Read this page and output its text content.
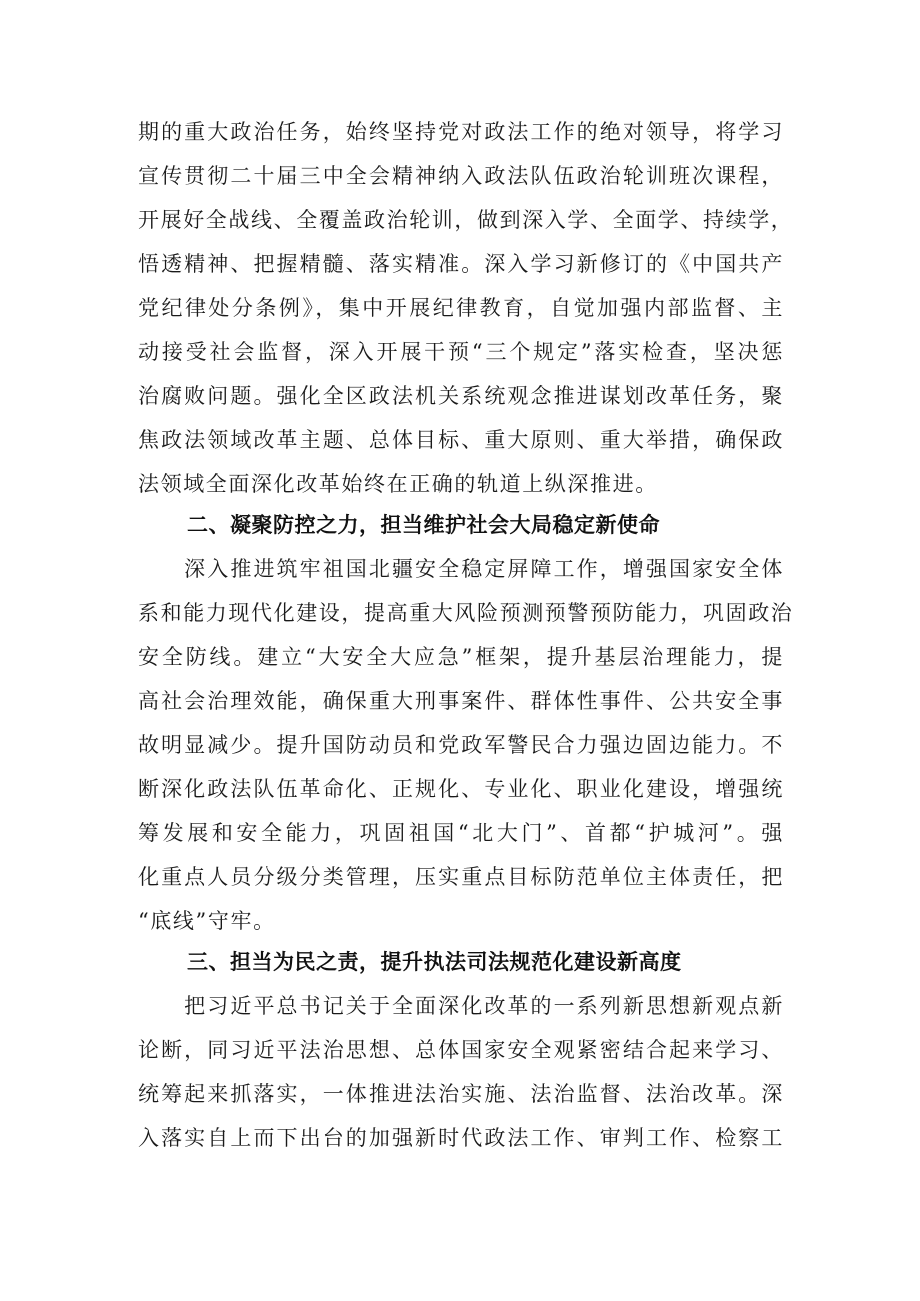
期的重大政治任务，始终坚持党对政法工作的绝对领导，将学习
宣传贯彻二十届三中全会精神纳入政法队伍政治轮训班次课程，
开展好全战线、全覆盖政治轮训，做到深入学、全面学、持续学，
悟透精神、把握精髓、落实精准。深入学习新修订的《中国共产
党纪律处分条例》，集中开展纪律教育，自觉加强内部监督、主
动接受社会监督，深入开展干预“三个规定”落实检查，坚决惩
治腐败问题。强化全区政法机关系统观念推进谋划改革任务，聚
焦政法领域改革主题、总体目标、重大原则、重大举措，确保政
法领域全面深化改革始终在正确的轨道上纵深推进。
二、凝聚防控之力，担当维护社会大局稳定新使命
　　深入推进筑牢祖国北疆安全稳定屏障工作，增强国家安全体
系和能力现代化建设，提高重大风险预测预警预防能力，巩固政治
安全防线。建立“大安全大应急”框架，提升基层治理能力，提
高社会治理效能，确保重大刑事案件、群体性事件、公共安全事
故明显减少。提升国防动员和党政军警民合力强边固边能力。不
断深化政法队伍革命化、正规化、专业化、职业化建设，增强统
筹发展和安全能力，巩固祖国“北大门”、首都“护城河”。强
化重点人员分级分类管理，压实重点目标防范单位主体责任，把
“底线”守牢。
三、担当为民之责，提升执法司法规范化建设新高度
　　把习近平总书记关于全面深化改革的一系列新思想新观点新
论断，同习近平法治思想、总体国家安全观紧密结合起来学习、
统筹起来抓落实，一体推进法治实施、法治监督、法治改革。深
入落实自上而下出台的加强新时代政法工作、审判工作、检察工
